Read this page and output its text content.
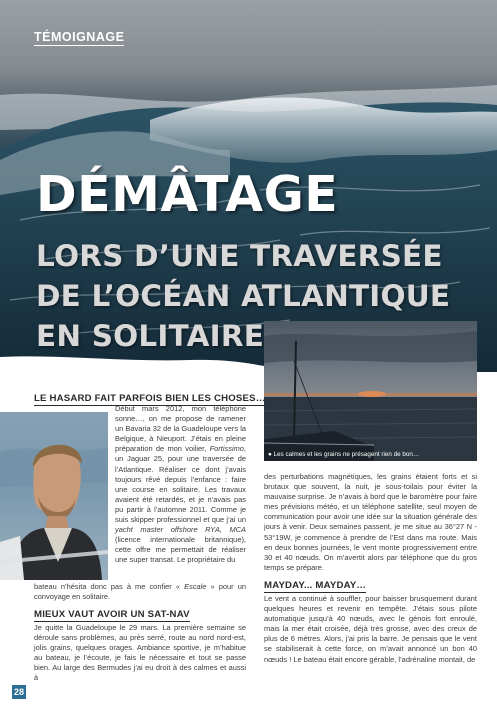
TÉMOIGNAGE
DÉMÂTAGE
LORS D’UNE TRAVERSÉE
DE L’OCÉAN ATLANTIQUE
EN SOLITAIRE
● Les calmes et les grains ne présagent rien de bon…
LE HASARD FAIT PARFOIS BIEN LES CHOSES…
Début mars 2012, mon téléphone sonne…, on me propose de ramener un Bavaria 32 de la Guadeloupe vers la Belgique, à Nieuport. J’étais en pleine préparation de mon voilier, Fortissimo, un Jaguar 25, pour une traversée de l’Atlantique. Réaliser ce dont j’avais toujours rêvé depuis l’enfance : faire une course en solitaire. Les travaux avaient été retardés, et je n’avais pas pu partir à l’automne 2011. Comme je suis skipper professionnel et que j’ai un yacht master offshore RYA, MCA (licence internationale britannique), cette offre me permettait de réaliser une super transat. Le propriétaire du
bateau n’hésita donc pas à me confier « Escale » pour un convoyage en solitaire.
MIEUX VAUT AVOIR UN SAT-NAV
Je quitte la Guadeloupe le 29 mars. La première semaine se déroule sans problèmes, au près serré, route au nord nord-est, jolis grains, quelques orages. Ambiance sportive, je m’habitue au bateau, je l’écoute, je fais le nécessaire et tout se passe bien. Au large des Bermudes j’ai eu droit à des calmes et aussi à
des perturbations magnétiques, les grains étaient forts et si brutaux que souvent, la nuit, je sous-toilais pour éviter la mauvaise surprise. Je n’avais à bord que le baromètre pour faire mes prévisions météo, et un téléphone satellite, seul moyen de communication pour avoir une idée sur la situation générale des jours à venir. Deux semaines passent, je me situe au 36°27 N - 53°19W, je commence à prendre de l’Est dans ma route. Mais en deux bonnes journées, le vent monte progressivement entre 30 et 40 nœuds. On m’avertit alors par téléphone que du gros temps se prépare.
MAYDAY... MAYDAY…
Le vent a continué à souffler, pour baisser brusquement durant quelques heures et revenir en tempête. J’étais sous pilote automatique jusqu’à 40 nœuds, avec le génois fort enroulé, mais la mer était croisée, déjà très grosse, avec des creux de plus de 6 mètres. Alors, j’ai pris la barre. Je pensais que le vent se stabiliserait à cette force, on m’avait annoncé un bon 40 nœuds ! Le bateau était encore gérable, l’adrénaline montait, de
28
